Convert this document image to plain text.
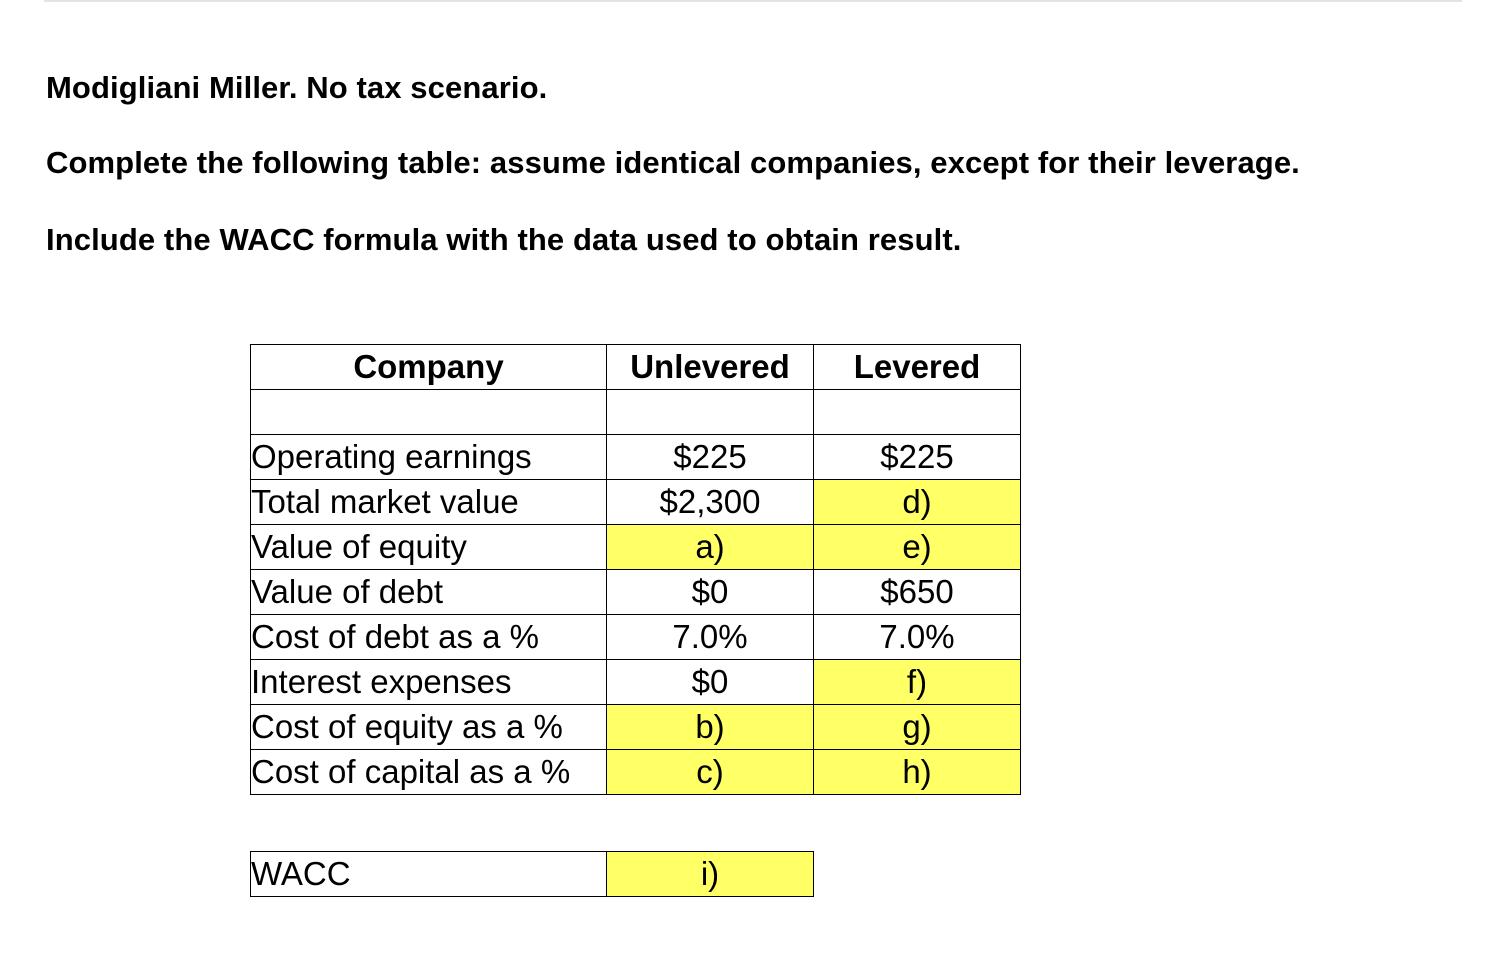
Modigliani Miller. No tax scenario.
Complete the following table: assume identical companies, except for their leverage.
Include the WACC formula with the data used to obtain result.
Company	Unlevered	Levered

Operating earnings	$225	$225
Total market value	$2,300	d)
Value of equity	a)	e)
Value of debt	$0	$650
Cost of debt as a %	7.0%	7.0%
Interest expenses	$0	f)
Cost of equity as a %	b)	g)
Cost of capital as a %	c)	h)
WACC	i)
